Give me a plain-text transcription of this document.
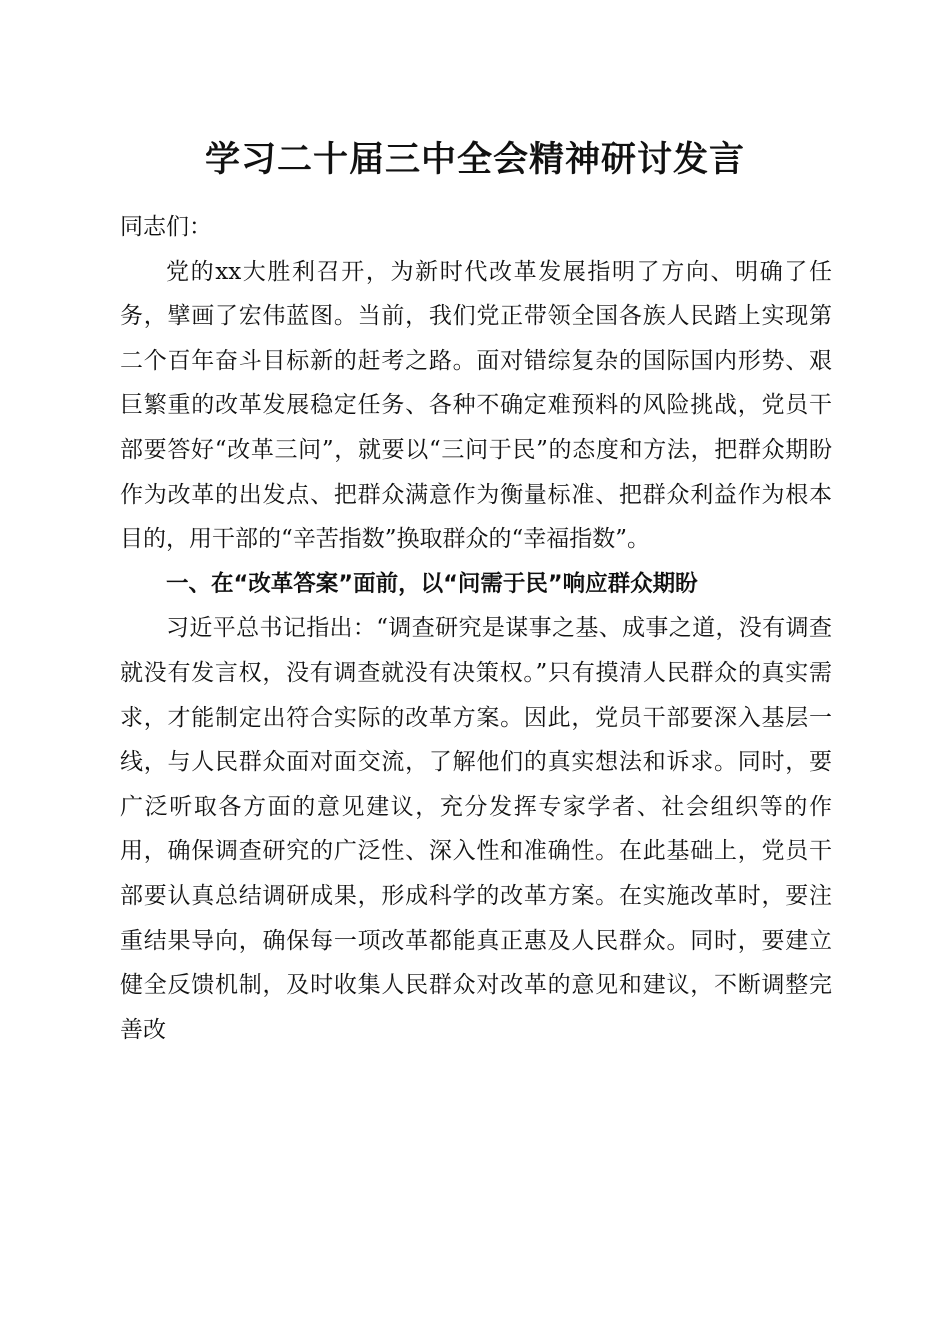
学习二十届三中全会精神研讨发言

同志们：

党的xx大胜利召开，为新时代改革发展指明了方向、明确了任务，擘画了宏伟蓝图。当前，我们党正带领全国各族人民踏上实现第二个百年奋斗目标新的赶考之路。面对错综复杂的国际国内形势、艰巨繁重的改革发展稳定任务、各种不确定难预料的风险挑战，党员干部要答好“改革三问”，就要以“三问于民”的态度和方法，把群众期盼作为改革的出发点、把群众满意作为衡量标准、把群众利益作为根本目的，用干部的“辛苦指数”换取群众的“幸福指数”。

一、在“改革答案”面前，以“问需于民”响应群众期盼

习近平总书记指出：“调查研究是谋事之基、成事之道，没有调查就没有发言权，没有调查就没有决策权。”只有摸清人民群众的真实需求，才能制定出符合实际的改革方案。因此，党员干部要深入基层一线，与人民群众面对面交流，了解他们的真实想法和诉求。同时，要广泛听取各方面的意见建议，充分发挥专家学者、社会组织等的作用，确保调查研究的广泛性、深入性和准确性。在此基础上，党员干部要认真总结调研成果，形成科学的改革方案。在实施改革时，要注重结果导向，确保每一项改革都能真正惠及人民群众。同时，要建立健全反馈机制，及时收集人民群众对改革的意见和建议，不断调整完善改
